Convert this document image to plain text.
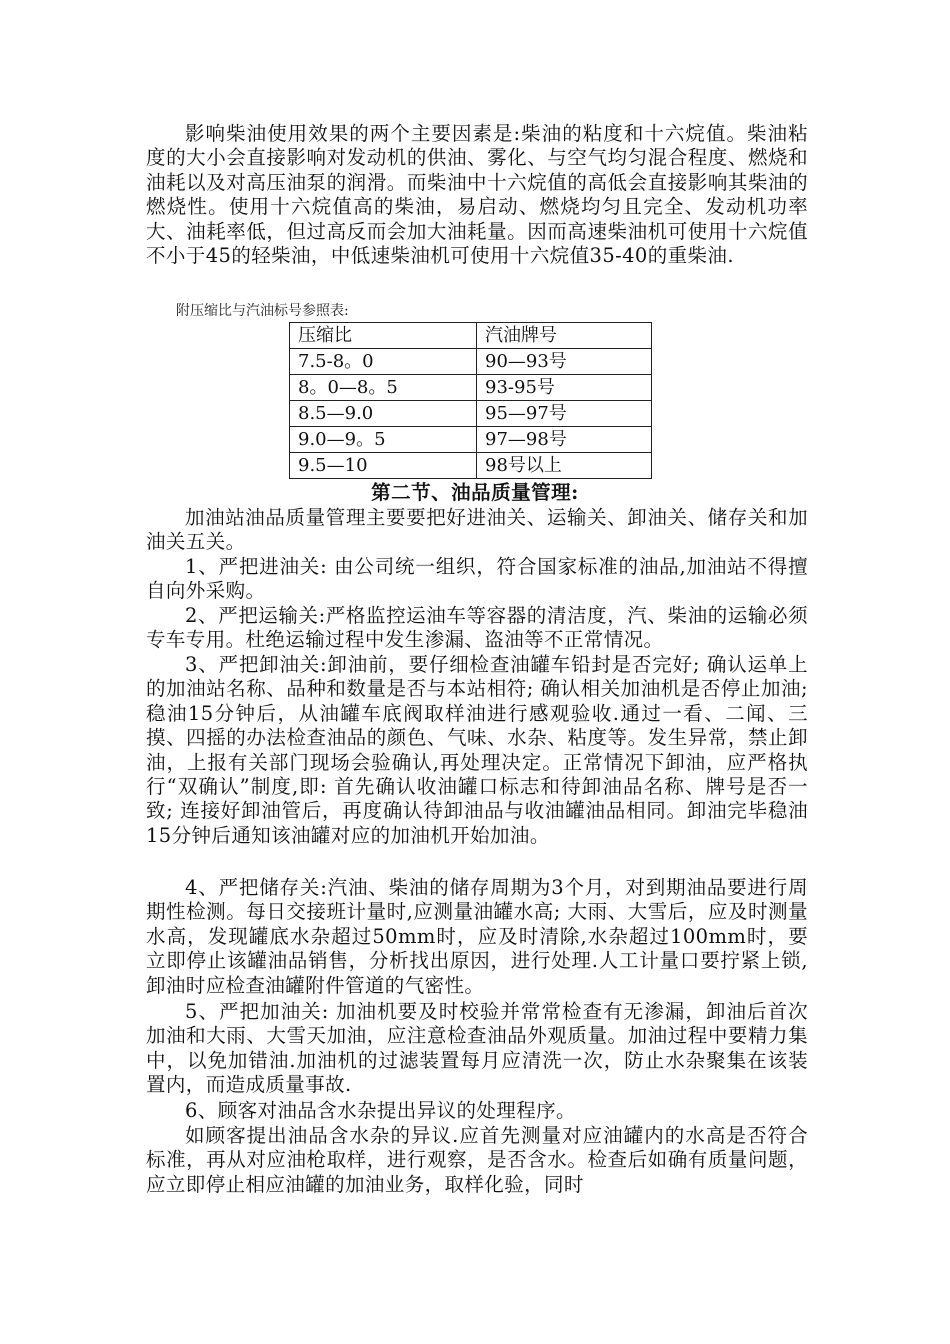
影响柴油使用效果的两个主要因素是:柴油的粘度和十六烷值。柴油粘度的大小会直接影响对发动机的供油、雾化、与空气均匀混合程度、燃烧和油耗以及对高压油泵的润滑。而柴油中十六烷值的高低会直接影响其柴油的燃烧性。使用十六烷值高的柴油，易启动、燃烧均匀且完全、发动机功率大、油耗率低，但过高反而会加大油耗量。因而高速柴油机可使用十六烷值不小于45的轻柴油，中低速柴油机可使用十六烷值35-40的重柴油.

附压缩比与汽油标号参照表:

压缩比	汽油牌号
7.5-8。0	90—93号
8。0—8。5	93-95号
8.5—9.0	95—97号
9.0—9。5	97—98号
9.5—10	98号以上
第二节、油品质量管理:

加油站油品质量管理主要要把好进油关、运输关、卸油关、储存关和加油关五关。

1、严把进油关: 由公司统一组织，符合国家标准的油品,加油站不得擅自向外采购。

2、严把运输关:严格监控运油车等容器的清洁度，汽、柴油的运输必须专车专用。杜绝运输过程中发生渗漏、盗油等不正常情况。

3、严把卸油关:卸油前，要仔细检查油罐车铅封是否完好; 确认运单上的加油站名称、品种和数量是否与本站相符; 确认相关加油机是否停止加油;稳油15分钟后，从油罐车底阀取样油进行感观验收.通过一看、二闻、三摸、四摇的办法检查油品的颜色、气味、水杂、粘度等。发生异常，禁止卸油，上报有关部门现场会验确认,再处理决定。正常情况下卸油，应严格执行“双确认”制度,即: 首先确认收油罐口标志和待卸油品名称、牌号是否一致; 连接好卸油管后，再度确认待卸油品与收油罐油品相同。卸油完毕稳油15分钟后通知该油罐对应的加油机开始加油。

4、严把储存关:汽油、柴油的储存周期为3个月，对到期油品要进行周期性检测。每日交接班计量时,应测量油罐水高; 大雨、大雪后，应及时测量水高，发现罐底水杂超过50mm时，应及时清除,水杂超过100mm时，要立即停止该罐油品销售，分析找出原因，进行处理.人工计量口要拧紧上锁,卸油时应检查油罐附件管道的气密性。

5、严把加油关: 加油机要及时校验并常常检查有无渗漏，卸油后首次加油和大雨、大雪天加油，应注意检查油品外观质量。加油过程中要精力集中，以免加错油.加油机的过滤装置每月应清洗一次，防止水杂聚集在该装置内，而造成质量事故.

6、顾客对油品含水杂提出异议的处理程序。

如顾客提出油品含水杂的异议.应首先测量对应油罐内的水高是否符合标准，再从对应油枪取样，进行观察，是否含水。检查后如确有质量问题，应立即停止相应油罐的加油业务，取样化验，同时
